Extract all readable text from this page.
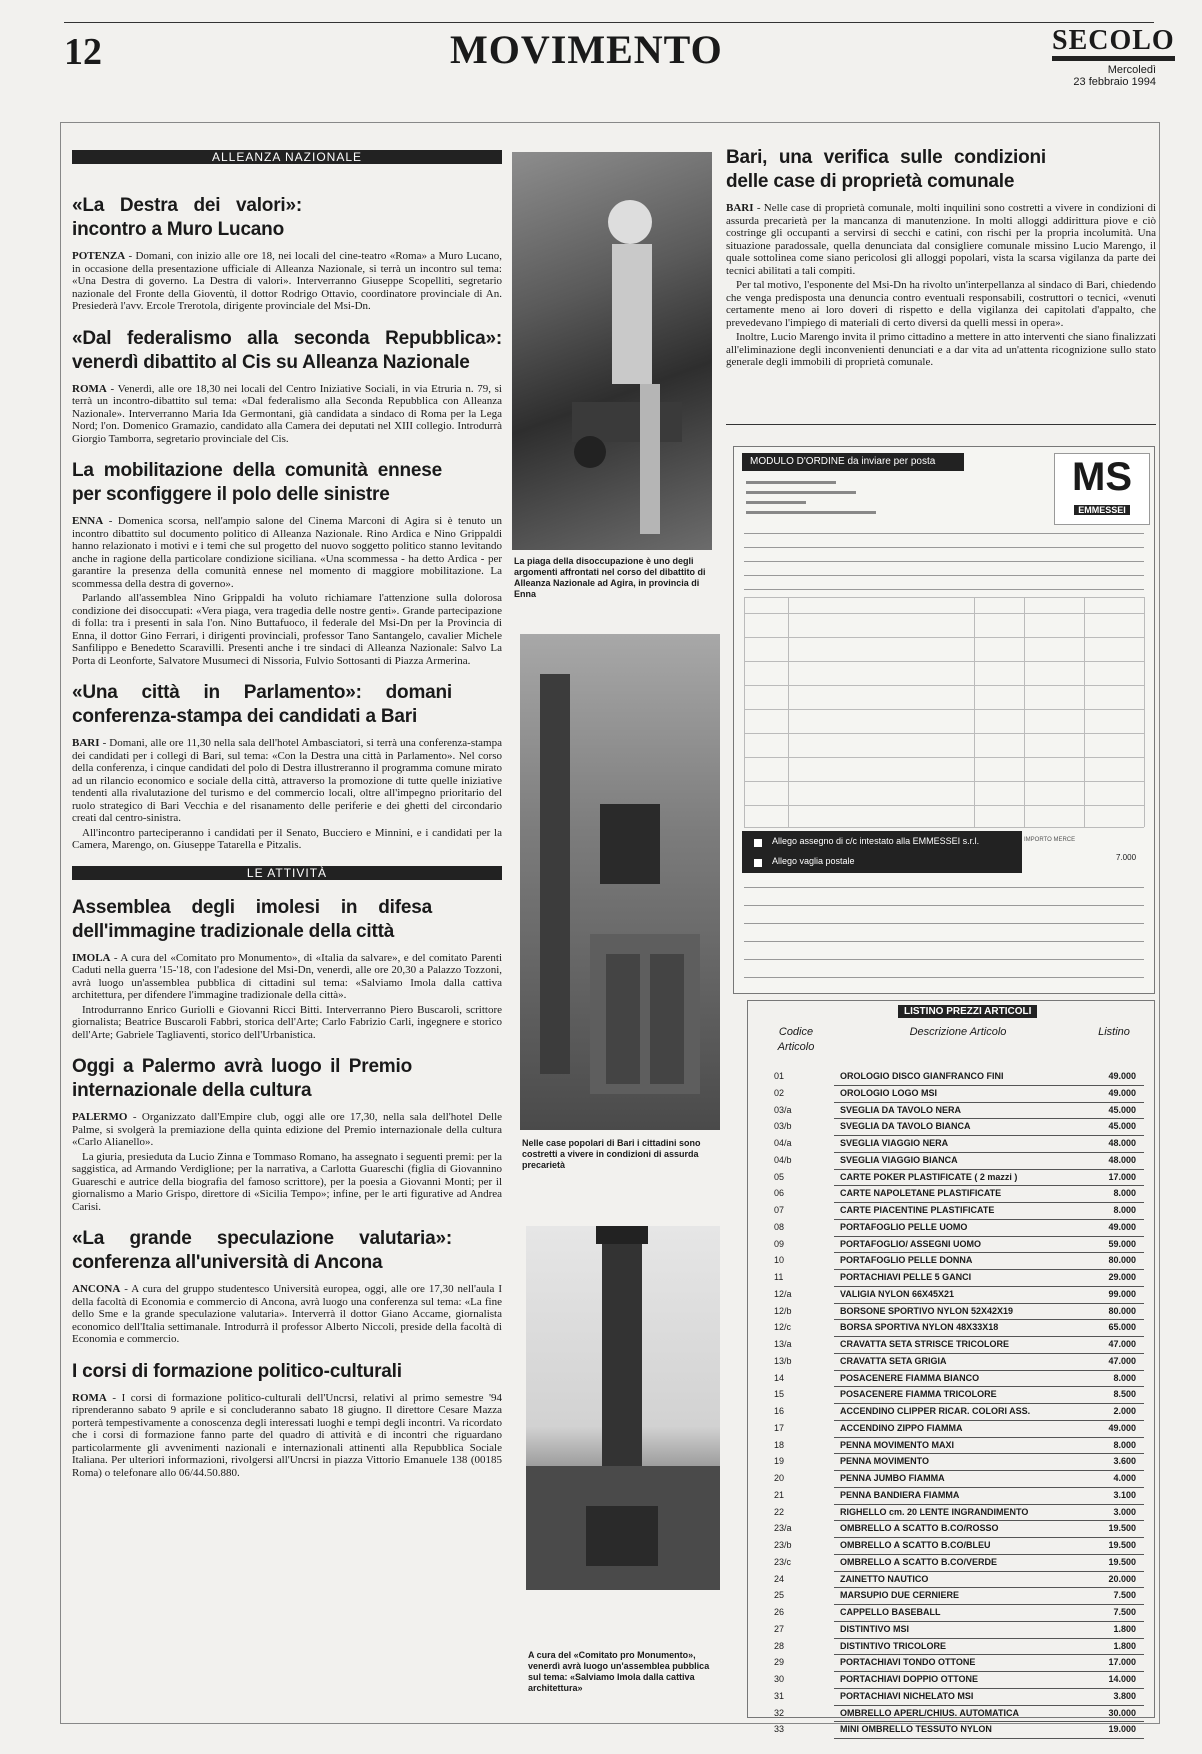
12	MOVIMENTO	SECOLO
Mercoledì
23 febbraio 1994
ALLEANZA NAZIONALE
«La Destra dei valori»: incontro a Muro Lucano

POTENZA - Domani, con inizio alle ore 18, nei locali del cine-teatro «Roma» a Muro Lucano, in occasione della presentazione ufficiale di Alleanza Nazionale, si terrà un incontro sul tema: «Una Destra di governo. La Destra di valori». Interverranno Giuseppe Scopelliti, segretario nazionale del Fronte della Gioventù, il dottor Rodrigo Ottavio, coordinatore provinciale di An. Presiederà l'avv. Ercole Trerotola, dirigente provinciale del Msi-Dn.

«Dal federalismo alla seconda Repubblica»: venerdì dibattito al Cis su Alleanza Nazionale

ROMA - Venerdì, alle ore 18,30 nei locali del Centro Iniziative Sociali, in via Etruria n. 79, si terrà un incontro-dibattito sul tema: «Dal federalismo alla Seconda Repubblica con Alleanza Nazionale». Interverranno Maria Ida Germontani, già candidata a sindaco di Roma per la Lega Nord; l'on. Domenico Gramazio, candidato alla Camera dei deputati nel XIII collegio. Introdurrà Giorgio Tamborra, segretario provinciale del Cis.

La mobilitazione della comunità ennese per sconfiggere il polo delle sinistre

ENNA - Domenica scorsa, nell'ampio salone del Cinema Marconi di Agira si è tenuto un incontro dibattito sul documento politico di Alleanza Nazionale. Rino Ardica e Nino Grippaldi hanno relazionato i motivi e i temi che sul progetto del nuovo soggetto politico stanno levitando anche in ragione della particolare condizione siciliana. «Una scommessa - ha detto Ardica - per garantire la presenza della comunità ennese nel momento di maggiore mobilitazione. La scommessa della destra di governo».

Parlando all'assemblea Nino Grippaldi ha voluto richiamare l'attenzione sulla dolorosa condizione dei disoccupati: «Vera piaga, vera tragedia delle nostre genti». Grande partecipazione di folla: tra i presenti in sala l'on. Nino Buttafuoco, il federale del Msi-Dn per la Provincia di Enna, il dottor Gino Ferrari, i dirigenti provinciali, professor Tano Santangelo, cavalier Michele Sanfilippo e Benedetto Scaravilli. Presenti anche i tre sindaci di Alleanza Nazionale: Salvo La Porta di Leonforte, Salvatore Musumeci di Nissoria, Fulvio Sottosanti di Piazza Armerina.

«Una città in Parlamento»: domani conferenza-stampa dei candidati a Bari

BARI - Domani, alle ore 11,30 nella sala dell'hotel Ambasciatori, si terrà una conferenza-stampa dei candidati per i collegi di Bari, sul tema: «Con la Destra una città in Parlamento». Nel corso della conferenza, i cinque candidati del polo di Destra illustreranno il programma comune mirato ad un rilancio economico e sociale della città, attraverso la promozione di tutte quelle iniziative tendenti alla rivalutazione del turismo e del commercio locali, oltre all'impegno prioritario del ruolo strategico di Bari Vecchia e del risanamento delle periferie e dei ghetti del circondario creati dal centro-sinistra.

All'incontro parteciperanno i candidati per il Senato, Bucciero e Minnini, e i candidati per la Camera, Marengo, on. Giuseppe Tatarella e Pitzalis.

LE ATTIVITÀ
Assemblea degli imolesi in difesa dell'immagine tradizionale della città

IMOLA - A cura del «Comitato pro Monumento», di «Italia da salvare», e del comitato Parenti Caduti nella guerra '15-'18, con l'adesione del Msi-Dn, venerdì, alle ore 20,30 a Palazzo Tozzoni, avrà luogo un'assemblea pubblica di cittadini sul tema: «Salviamo Imola dalla cattiva architettura, per difendere l'immagine tradizionale della città».

Introdurranno Enrico Guriolli e Giovanni Ricci Bitti. Interverranno Piero Buscaroli, scrittore giornalista; Beatrice Buscaroli Fabbri, storica dell'Arte; Carlo Fabrizio Carli, ingegnere e storico dell'Arte; Gabriele Tagliaventi, storico dell'Urbanistica.

Oggi a Palermo avrà luogo il Premio internazionale della cultura

PALERMO - Organizzato dall'Empire club, oggi alle ore 17,30, nella sala dell'hotel Delle Palme, si svolgerà la premiazione della quinta edizione del Premio internazionale della cultura «Carlo Alianello».

La giuria, presieduta da Lucio Zinna e Tommaso Romano, ha assegnato i seguenti premi: per la saggistica, ad Armando Verdiglione; per la narrativa, a Carlotta Guareschi (figlia di Giovannino Guareschi e autrice della biografia del famoso scrittore), per la poesia a Giovanni Monti; per il giornalismo a Mario Grispo, direttore di «Sicilia Tempo»; infine, per le arti figurative ad Andrea Carisi.

«La grande speculazione valutaria»: conferenza all'università di Ancona

ANCONA - A cura del gruppo studentesco Università europea, oggi, alle ore 17,30 nell'aula I della facoltà di Economia e commercio di Ancona, avrà luogo una conferenza sul tema: «La fine dello Sme e la grande speculazione valutaria». Interverrà il dottor Giano Accame, giornalista economico dell'Italia settimanale. Introdurrà il professor Alberto Niccoli, preside della facoltà di Economia e commercio.

I corsi di formazione politico-culturali

ROMA - I corsi di formazione politico-culturali dell'Uncrsi, relativi al primo semestre '94 riprenderanno sabato 9 aprile e si concluderanno sabato 18 giugno. Il direttore Cesare Mazza porterà tempestivamente a conoscenza degli interessati luoghi e tempi degli incontri. Va ricordato che i corsi di formazione fanno parte del quadro di attività e di incontri che riguardano particolarmente gli avvenimenti nazionali e internazionali attinenti alla Repubblica Sociale Italiana. Per ulteriori informazioni, rivolgersi all'Uncrsi in piazza Vittorio Emanuele 138 (00185 Roma) o telefonare allo 06/44.50.880.

La piaga della disoccupazione è uno degli argomenti affrontati nel corso del dibattito di Alleanza Nazionale ad Agira, in provincia di Enna
Nelle case popolari di Bari i cittadini sono costretti a vivere in condizioni di assurda precarietà
A cura del «Comitato pro Monumento», venerdì avrà luogo un'assemblea pubblica sul tema: «Salviamo Imola dalla cattiva architettura»
Bari, una verifica sulle condizioni delle case di proprietà comunale

BARI - Nelle case di proprietà comunale, molti inquilini sono costretti a vivere in condizioni di assurda precarietà per la mancanza di manutenzione. In molti alloggi addirittura piove e ciò costringe gli occupanti a servirsi di secchi e catini, con rischi per la propria incolumità. Una situazione paradossale, quella denunciata dal consigliere comunale missino Lucio Marengo, il quale sottolinea come siano pericolosi gli alloggi popolari, vista la scarsa vigilanza da parte dei tecnici abilitati a tali compiti.

Per tal motivo, l'esponente del Msi-Dn ha rivolto un'interpellanza al sindaco di Bari, chiedendo che venga predisposta una denuncia contro eventuali responsabili, costruttori o tecnici, «venuti certamente meno ai loro doveri di rispetto e della vigilanza dei capitolati d'appalto, che prevedevano l'impiego di materiali di certo diversi da quelli messi in opera».

Inoltre, Lucio Marengo invita il primo cittadino a mettere in atto interventi che siano finalizzati all'eliminazione degli inconvenienti denunciati e a dar vita ad un'attenta ricognizione sullo stato generale degli immobili di proprietà comunale.

MODULO D'ORDINE da inviare per posta	MS
EMMESSEI
Allego assegno di c/c intestato alla EMMESSEI s.r.l.
Allego vaglia postale
IMPORTO MERCE
7.000
LISTINO PREZZI ARTICOLI
Codice Articolo
Descrizione Articolo	Listino
01	OROLOGIO DISCO GIANFRANCO FINI	49.000
02	OROLOGIO LOGO MSI	49.000
03/a	SVEGLIA DA TAVOLO NERA	45.000
03/b	SVEGLIA DA TAVOLO BIANCA	45.000
04/a	SVEGLIA VIAGGIO NERA	48.000
04/b	SVEGLIA VIAGGIO BIANCA	48.000
05	CARTE POKER PLASTIFICATE ( 2 mazzi )	17.000
06	CARTE NAPOLETANE PLASTIFICATE	8.000
07	CARTE PIACENTINE PLASTIFICATE	8.000
08	PORTAFOGLIO PELLE UOMO	49.000
09	PORTAFOGLIO/ ASSEGNI UOMO	59.000
10	PORTAFOGLIO PELLE DONNA	80.000
11	PORTACHIAVI PELLE 5 GANCI	29.000
12/a	VALIGIA NYLON 66X45X21	99.000
12/b	BORSONE SPORTIVO NYLON 52X42X19	80.000
12/c	BORSA SPORTIVA NYLON 48X33X18	65.000
13/a	CRAVATTA SETA STRISCE TRICOLORE	47.000
13/b	CRAVATTA SETA GRIGIA	47.000
14	POSACENERE FIAMMA BIANCO	8.000
15	POSACENERE FIAMMA TRICOLORE	8.500
16	ACCENDINO CLIPPER RICAR. COLORI ASS.	2.000
17	ACCENDINO ZIPPO FIAMMA	49.000
18	PENNA MOVIMENTO MAXI	8.000
19	PENNA MOVIMENTO	3.600
20	PENNA JUMBO FIAMMA	4.000
21	PENNA BANDIERA FIAMMA	3.100
22	RIGHELLO cm. 20 LENTE INGRANDIMENTO	3.000
23/a	OMBRELLO A SCATTO B.CO/ROSSO	19.500
23/b	OMBRELLO A SCATTO B.CO/BLEU	19.500
23/c	OMBRELLO A SCATTO B.CO/VERDE	19.500
24	ZAINETTO NAUTICO	20.000
25	MARSUPIO DUE CERNIERE	7.500
26	CAPPELLO BASEBALL	7.500
27	DISTINTIVO MSI	1.800
28	DISTINTIVO TRICOLORE	1.800
29	PORTACHIAVI TONDO OTTONE	17.000
30	PORTACHIAVI DOPPIO OTTONE	14.000
31	PORTACHIAVI NICHELATO MSI	3.800
32	OMBRELLO APERL/CHIUS. AUTOMATICA	30.000
33	MINI OMBRELLO TESSUTO NYLON	19.000
